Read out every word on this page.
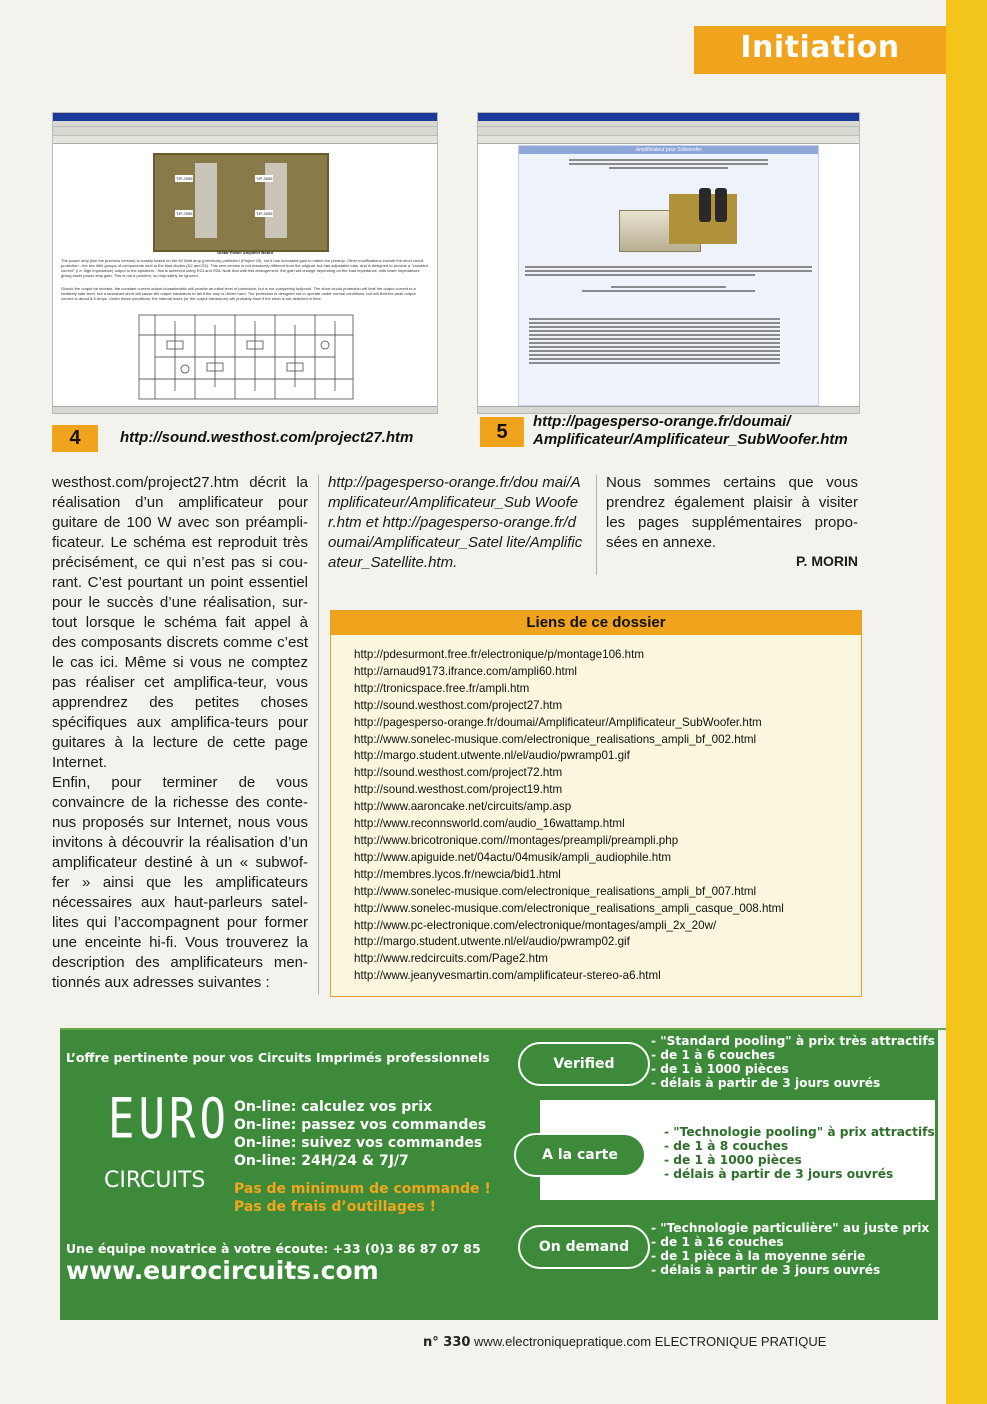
Initiation
TIP-2955
TIP-2955
TIP-3055
TIP-3055
Guitar Power Amplifier Board
The power amp (like the previous version) is loosely based on the 60 Watt amp (previously published (Project 03), but it has increased gain to match the preamp. Other modifications include the short circuit protection - the two little groups of components next to the bias diodes (D2 and D3). This new version is not massively different from the original, but has adjustable bias, and is designed to provide a "constant current" (i.e. high impedance) output to the speakers - this is achieved using R23 and R26. Note that with this arrangement, the gain will change depending on the load impedance, with lower impedances giving lower power amp gain. This is not a problem, so may safely be ignored.
Should the output be shorted, the constant current output characteristic will provide an initial level of protection, but is not completely foolproof. The short circuit protection will limit the output current to a relatively safe level, but a sustained short will cause the output transistors to fail if the amp is driven hard. The protection is designed not to operate under normal conditions, but will limit the peak output current to about 8.5 Amps. Under these conditions, the internal fuses (or the output transistors) will probably blow if the short is not detected in time.
4	http://sound.westhost.com/project27.htm
Amplificateur pour Subwoofer
5	http://pagesperso-orange.fr/doumai/
Amplificateur/Amplificateur_SubWoofer.htm

westhost.com/project27.htm décrit la réalisation d’un amplificateur pour guitare de 100 W avec son préampli-ficateur. Le schéma est reproduit très précisément, ce qui n’est pas si cou-rant. C’est pourtant un point essentiel pour le succès d’une réalisation, sur-tout lorsque le schéma fait appel à des composants discrets comme c’est le cas ici. Même si vous ne comptez pas réaliser cet amplifica-teur, vous apprendrez des petites choses spécifiques aux amplifica-teurs pour guitares à la lecture de cette page Internet.

Enfin, pour terminer de vous convaincre de la richesse des conte-nus proposés sur Internet, nous vous invitons à découvrir la réalisation d’un amplificateur destiné à un « subwof-fer » ainsi que les amplificateurs nécessaires aux haut-parleurs satel-lites qui l’accompagnent pour former une enceinte hi-fi. Vous trouverez la description des amplificateurs men-tionnés aux adresses suivantes :

http://pagesperso-orange.fr/dou mai/Amplificateur/Amplificateur_Sub Woofer.htm et http://pagesperso-orange.fr/doumai/Amplificateur_Satel lite/Amplificateur_Satellite.htm.

Nous sommes certains que vous prendrez également plaisir à visiter les pages supplémentaires propo-sées en annexe.

P. MORIN
Liens de ce dossier
http://pdesurmont.free.fr/electronique/p/montage106.htm
http://arnaud9173.ifrance.com/ampli60.html
http://tronicspace.free.fr/ampli.htm
http://sound.westhost.com/project27.htm
http://pagesperso-orange.fr/doumai/Amplificateur/Amplificateur_SubWoofer.htm
http://www.sonelec-musique.com/electronique_realisations_ampli_bf_002.html
http://margo.student.utwente.nl/el/audio/pwramp01.gif
http://sound.westhost.com/project72.htm
http://sound.westhost.com/project19.htm
http://www.aaroncake.net/circuits/amp.asp
http://www.reconnsworld.com/audio_16wattamp.html
http://www.bricotronique.com//montages/preampli/preampli.php
http://www.apiguide.net/04actu/04musik/ampli_audiophile.htm
http://membres.lycos.fr/newcia/bid1.html
http://www.sonelec-musique.com/electronique_realisations_ampli_bf_007.html
http://www.sonelec-musique.com/electronique_realisations_ampli_casque_008.html
http://www.pc-electronique.com/electronique/montages/ampli_2x_20w/
http://margo.student.utwente.nl/el/audio/pwramp02.gif
http://www.redcircuits.com/Page2.htm
http://www.jeanyvesmartin.com/amplificateur-stereo-a6.html
L’offre pertinente pour vos Circuits Imprimés professionnels
EURO
CIRCUITS
On-line: calculez vos prix
On-line: passez vos commandes
On-line: suivez vos commandes
On-line: 24H/24 & 7J/7
Pas de minimum de commande !
Pas de frais d’outillages !
Une équipe novatrice à votre écoute: +33 (0)3 86 87 07 85
www.eurocircuits.com
Verified
A la carte
On demand
- "Standard pooling" à prix très attractifs
- de 1 à 6 couches
- de 1 à 1000 pièces
- délais à partir de 3 jours ouvrés
- "Technologie pooling" à prix attractifs
- de 1 à 8 couches
- de 1 à 1000 pièces
- délais à partir de 3 jours ouvrés
- "Technologie particulière" au juste prix
- de 1 à 16 couches
- de 1 pièce à la moyenne série
- délais à partir de 3 jours ouvrés
n° 330 www.electroniquepratique.com ELECTRONIQUE PRATIQUE
